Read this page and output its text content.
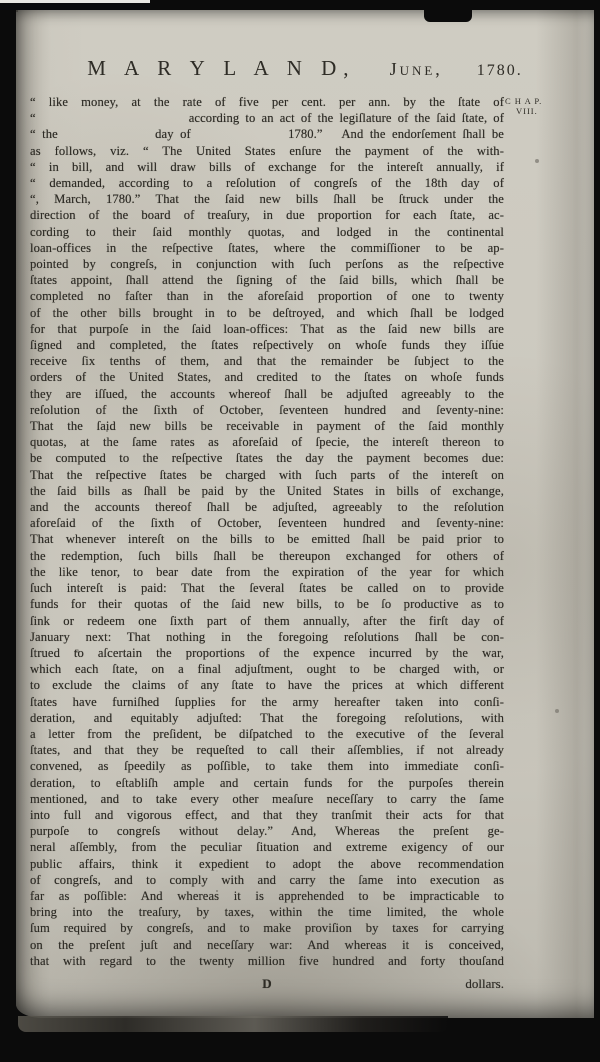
M A R Y L A N D, June, 1780.
C H A P.
VIII.
“ like money, at the rate of five per cent. per ann. by the ſtate of
“                         according to an act of the legiſlature of the ſaid ſtate, of
“ the               day of               1780.”   And the endorſement ſhall be
as follows, viz. “ The United States enſure the payment of the with-
“ in bill, and will draw bills of exchange for the intereſt annually, if
“ demanded, according to a reſolution of congreſs of the 18th day of
“, March, 1780.” That the ſaid new bills ſhall be ſtruck under the
direction of the board of treaſury, in due proportion for each ſtate, ac-
cording to their ſaid monthly quotas, and lodged in the continental
loan-offices in the reſpective ſtates, where the commiſſioner to be ap-
pointed by congreſs, in conjunction with ſuch perſons as the reſpective
ſtates appoint, ſhall attend the ſigning of the ſaid bills, which ſhall be
completed no faſter than in the aforeſaid proportion of one to twenty
of the other bills brought in to be deſtroyed, and which ſhall be lodged
for that purpoſe in the ſaid loan-offices: That as the ſaid new bills are
ſigned and completed, the ſtates reſpectively on whoſe funds they iſſue
receive ſix tenths of them, and that the remainder be ſubject to the
orders of the United States, and credited to the ſtates on whoſe funds
they are iſſued, the accounts whereof ſhall be adjuſted agreeably to the
reſolution of the ſixth of October, ſeventeen hundred and ſeventy-nine:
That the ſaid new bills be receivable in payment of the ſaid monthly
quotas, at the ſame rates as aforeſaid of ſpecie, the intereſt thereon to
be computed to the reſpective ſtates the day the payment becomes due:
That the reſpective ſtates be charged with ſuch parts of the intereſt on
the ſaid bills as ſhall be paid by the United States in bills of exchange,
and the accounts thereof ſhall be adjuſted, agreeably to the reſolution
aforeſaid of the ſixth of October, ſeventeen hundred and ſeventy-nine:
That whenever intereſt on the bills to be emitted ſhall be paid prior to
the redemption, ſuch bills ſhall be thereupon exchanged for others of
the like tenor, to bear date from the expiration of the year for which
ſuch intereſt is paid: That the ſeveral ſtates be called on to provide
funds for their quotas of the ſaid new bills, to be ſo productive as to
ſink or redeem one ſixth part of them annually, after the firſt day of
January next: That nothing in the foregoing reſolutions ſhall be con-
ſtrued to aſcertain the proportions of the expence incurred by the war,
which each ſtate, on a final adjuſtment, ought to be charged with, or
to exclude the claims of any ſtate to have the prices at which different
ſtates have furniſhed ſupplies for the army hereafter taken into conſi-
deration, and equitably adjuſted: That the foregoing reſolutions, with
a letter from the preſident, be diſpatched to the executive of the ſeveral
ſtates, and that they be requeſted to call their aſſemblies, if not already
convened, as ſpeedily as poſſible, to take them into immediate conſi-
deration, to eſtabliſh ample and certain funds for the purpoſes therein
mentioned, and to take every other meaſure neceſſary to carry the ſame
into full and vigorous effect, and that they tranſmit their acts for that
purpoſe to congreſs without delay.” And, Whereas the preſent ge-
neral aſſembly, from the peculiar ſituation and extreme exigency of our
public affairs, think it expedient to adopt the above recommendation
of congreſs, and to comply with and carry the ſame into execution as
far as poſſible: And whereas it is apprehended to be impracticable to
bring into the treaſury, by taxes, within the time limited, the whole
ſum required by congreſs, and to make proviſion by taxes for carrying
on the preſent juſt and neceſſary war: And whereas it is conceived,
that with regard to the twenty million five hundred and forty thouſand
D	dollars.
